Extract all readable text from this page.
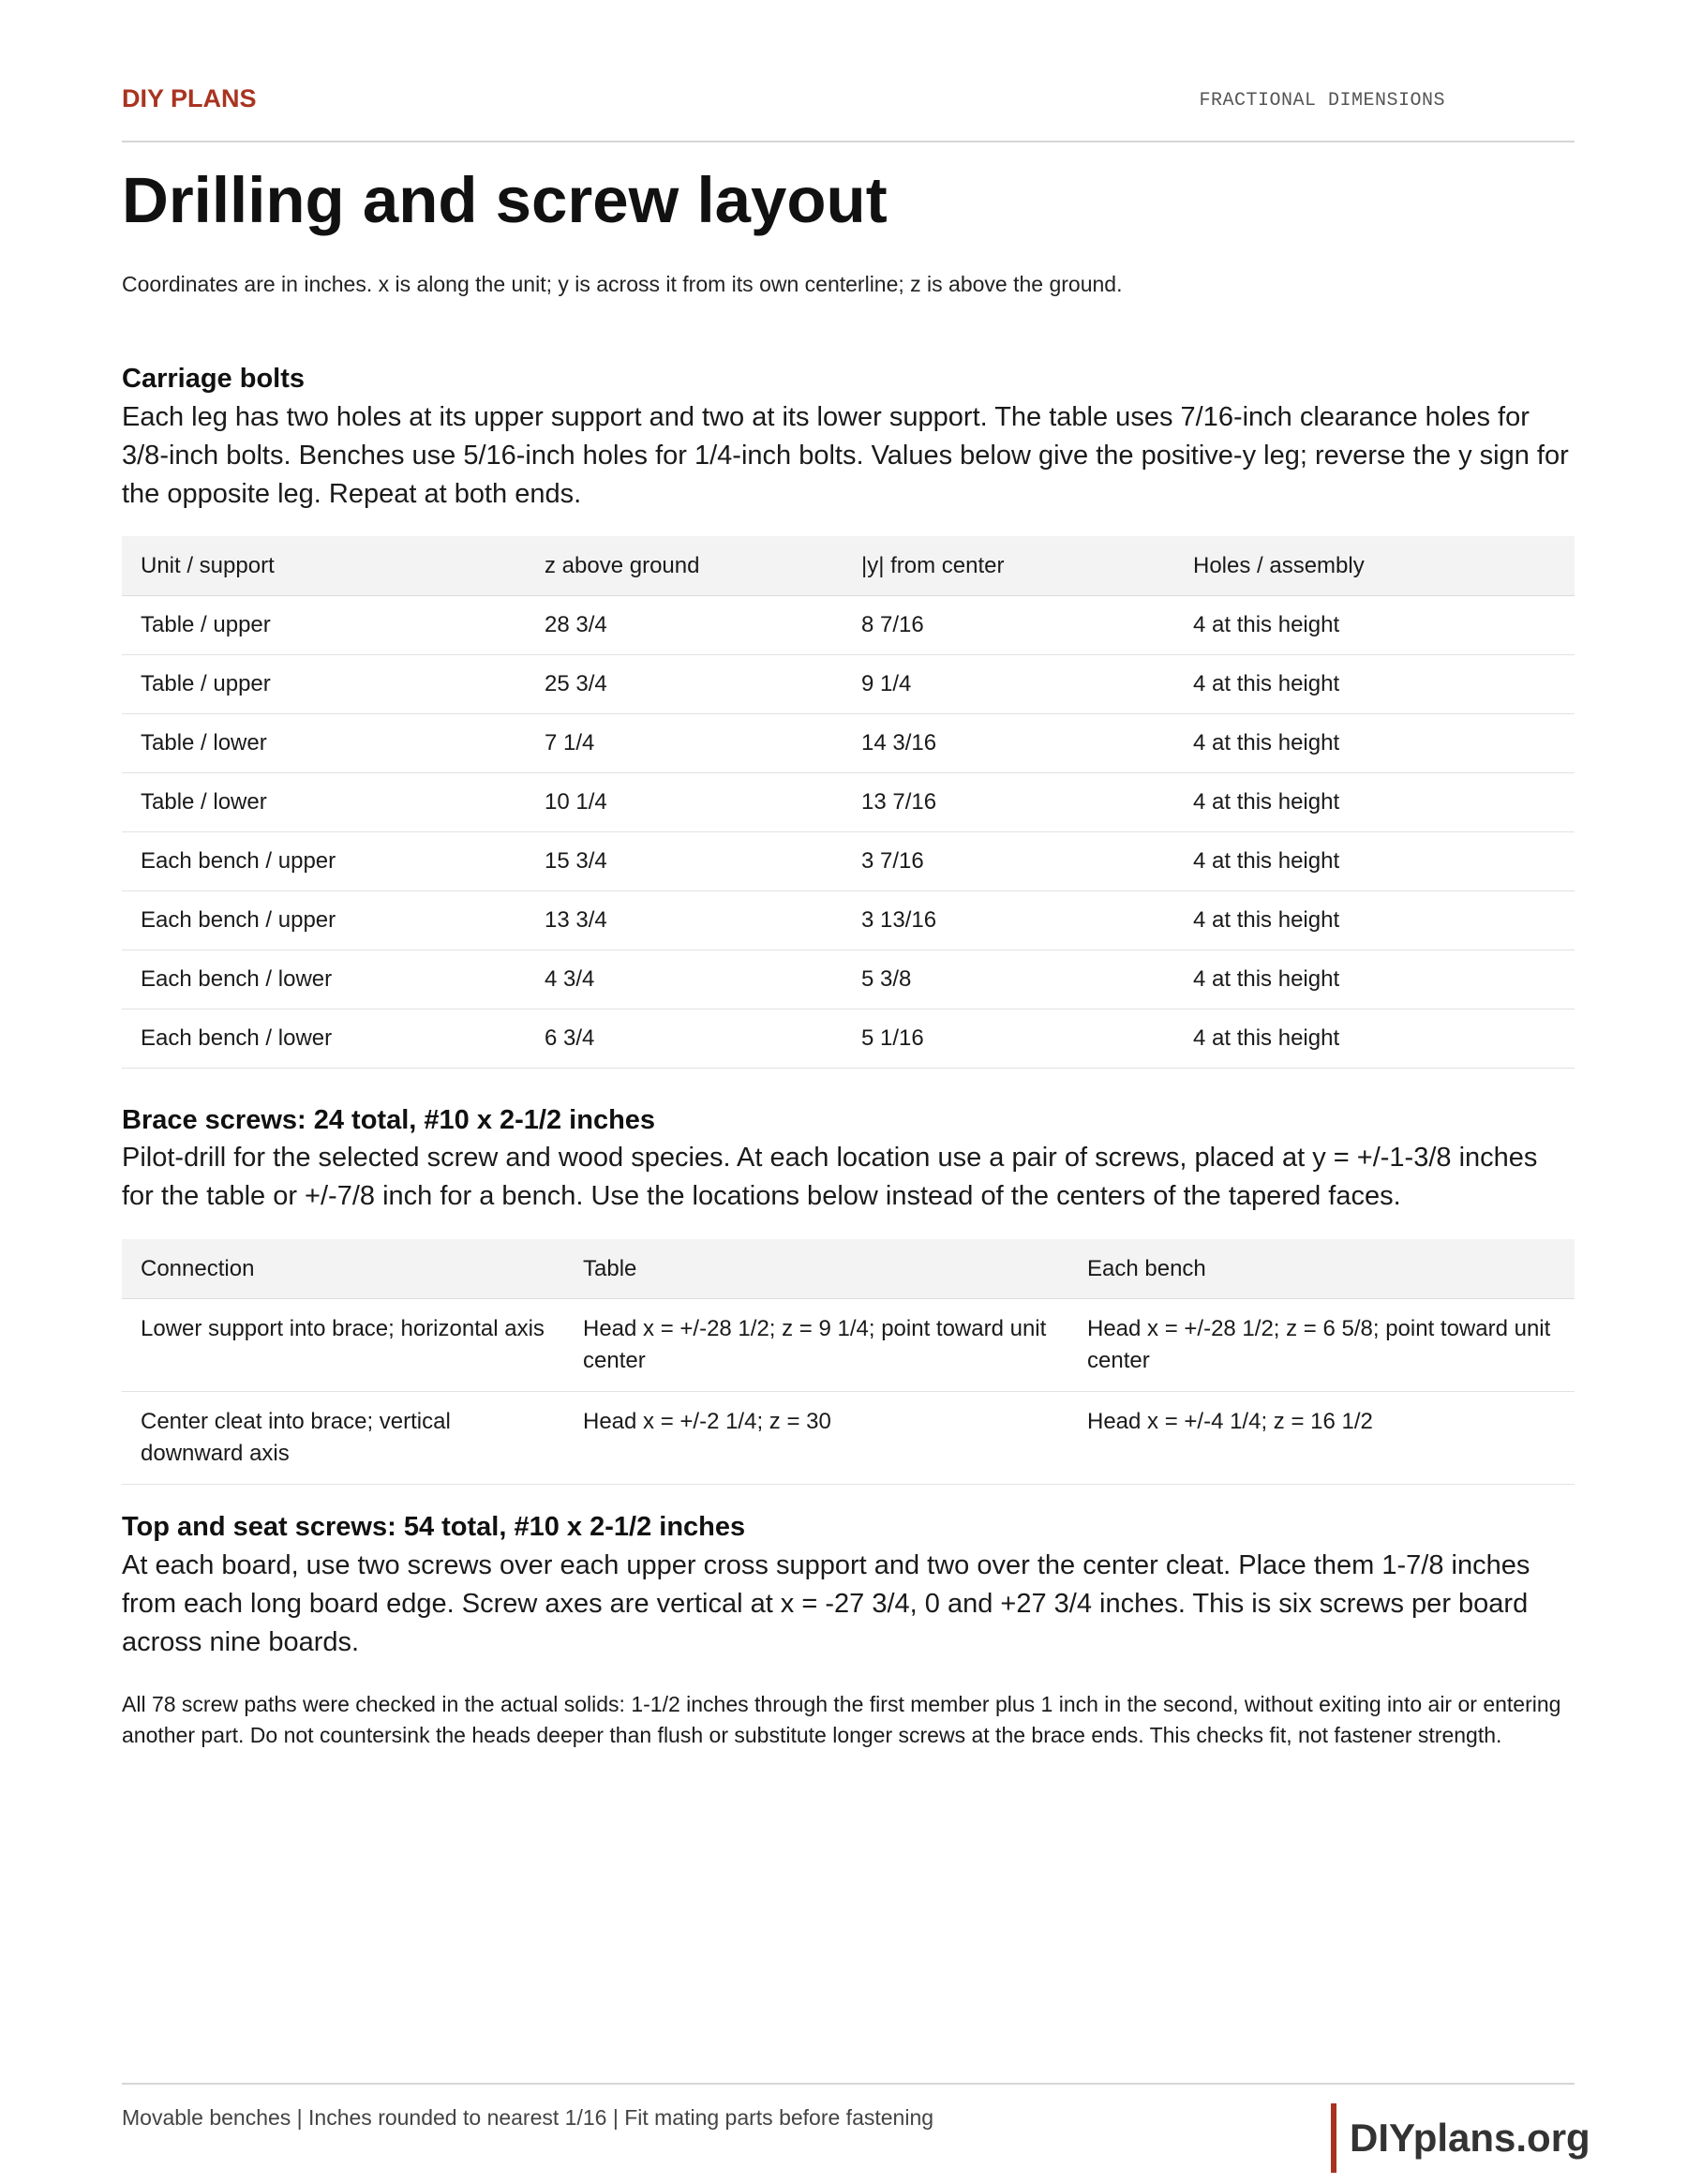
DIY PLANS	FRACTIONAL DIMENSIONS
Drilling and screw layout

Coordinates are in inches. x is along the unit; y is across it from its own centerline; z is above the ground.

Carriage bolts

Each leg has two holes at its upper support and two at its lower support. The table uses 7/16-inch clearance holes for 3/8-inch bolts. Benches use 5/16-inch holes for 1/4-inch bolts. Values below give the positive-y leg; reverse the y sign for the opposite leg. Repeat at both ends.

Unit / support	z above ground	|y| from center	Holes / assembly
Table / upper	28 3/4	8 7/16	4 at this height
Table / upper	25 3/4	9 1/4	4 at this height
Table / lower	7 1/4	14 3/16	4 at this height
Table / lower	10 1/4	13 7/16	4 at this height
Each bench / upper	15 3/4	3 7/16	4 at this height
Each bench / upper	13 3/4	3 13/16	4 at this height
Each bench / lower	4 3/4	5 3/8	4 at this height
Each bench / lower	6 3/4	5 1/16	4 at this height
Brace screws: 24 total, #10 x 2-1/2 inches

Pilot-drill for the selected screw and wood species. At each location use a pair of screws, placed at y = +/-1-3/8 inches for the table or +/-7/8 inch for a bench. Use the locations below instead of the centers of the tapered faces.

Connection	Table	Each bench
Lower support into brace; horizontal axis	Head x = +/-28 1/2; z = 9 1/4; point toward unit center	Head x = +/-28 1/2; z = 6 5/8; point toward unit center
Center cleat into brace; vertical downward axis	Head x = +/-2 1/4; z = 30	Head x = +/-4 1/4; z = 16 1/2
Top and seat screws: 54 total, #10 x 2-1/2 inches

At each board, use two screws over each upper cross support and two over the center cleat. Place them 1-7/8 inches from each long board edge. Screw axes are vertical at x = -27 3/4, 0 and +27 3/4 inches. This is six screws per board across nine boards.

All 78 screw paths were checked in the actual solids: 1-1/2 inches through the first member plus 1 inch in the second, without exiting into air or entering another part. Do not countersink the heads deeper than flush or substitute longer screws at the brace ends. This checks fit, not fastener strength.

Movable benches | Inches rounded to nearest 1/16 | Fit mating parts before fastening	DIYplans.org
